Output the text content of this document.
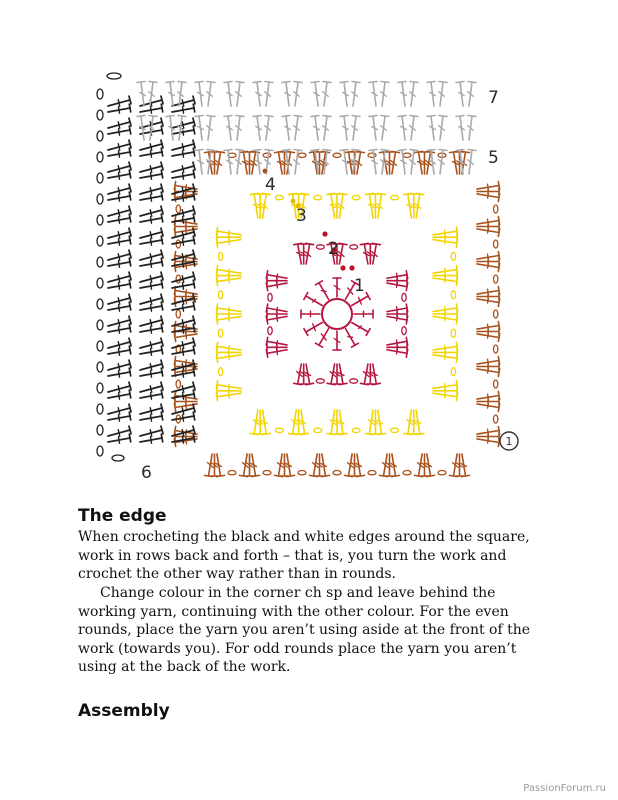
7
5
4
3
2
1
6
1
The edge

When crocheting the black and white edges around the square, work in rows back and forth – that is, you turn the work and crochet the other way rather than in rounds.

Change colour in the corner ch sp and leave behind the working yarn, continuing with the other colour. For the even rounds, place the yarn you aren’t using aside at the front of the work (towards you). For odd rounds place the yarn you aren’t using at the back of the work.

Assembly
PassionForum.ru
